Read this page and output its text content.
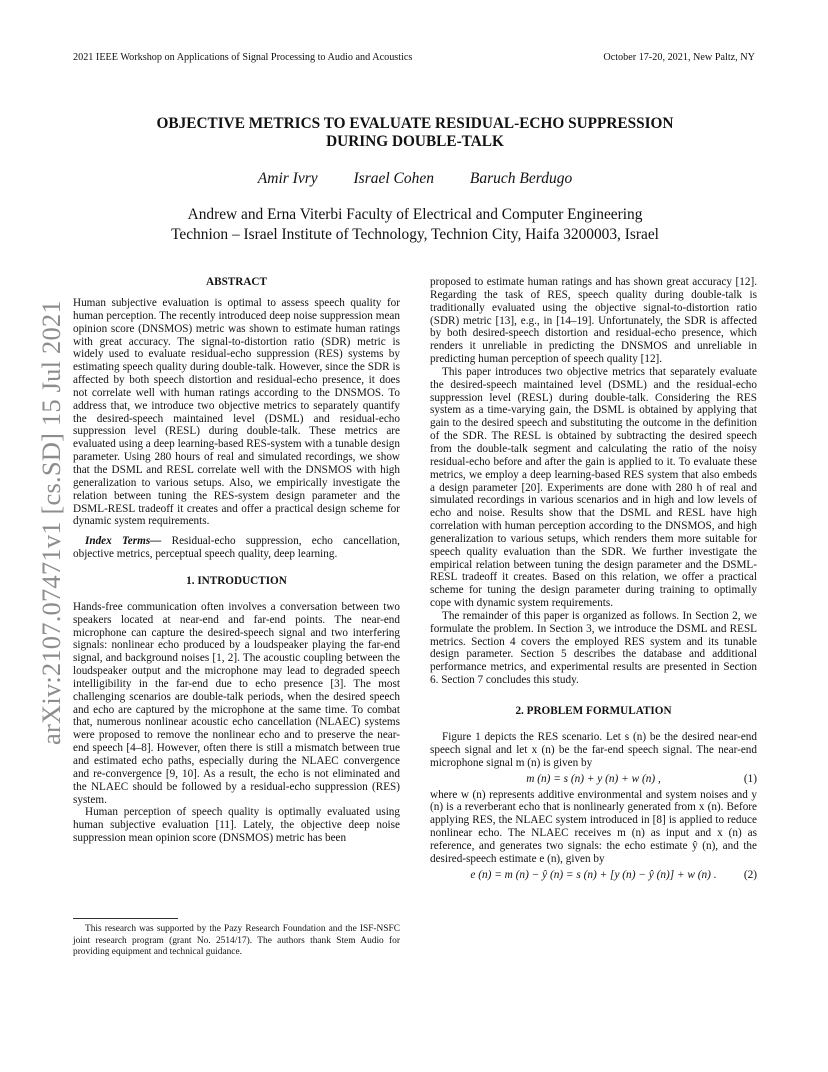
2021 IEEE Workshop on Applications of Signal Processing to Audio and Acoustics	October 17-20, 2021, New Paltz, NY
arXiv:2107.07471v1 [cs.SD] 15 Jul 2021
OBJECTIVE METRICS TO EVALUATE RESIDUAL-ECHO SUPPRESSION
DURING DOUBLE-TALK
Amir Ivry Israel Cohen Baruch Berdugo
Andrew and Erna Viterbi Faculty of Electrical and Computer Engineering
Technion – Israel Institute of Technology, Technion City, Haifa 3200003, Israel
ABSTRACT

Human subjective evaluation is optimal to assess speech quality for human perception. The recently introduced deep noise suppression mean opinion score (DNSMOS) metric was shown to estimate human ratings with great accuracy. The signal-to-distortion ratio (SDR) metric is widely used to evaluate residual-echo suppression (RES) systems by estimating speech quality during double-talk. However, since the SDR is affected by both speech distortion and residual-echo presence, it does not correlate well with human ratings according to the DNSMOS. To address that, we introduce two objective metrics to separately quantify the desired-speech maintained level (DSML) and residual-echo suppression level (RESL) during double-talk. These metrics are evaluated using a deep learning-based RES-system with a tunable design parameter. Using 280 hours of real and simulated recordings, we show that the DSML and RESL correlate well with the DNSMOS with high generalization to various setups. Also, we empirically investigate the relation between tuning the RES-system design parameter and the DSML-RESL tradeoff it creates and offer a practical design scheme for dynamic system requirements.

Index Terms— Residual-echo suppression, echo cancellation, objective metrics, perceptual speech quality, deep learning.

1. INTRODUCTION

Hands-free communication often involves a conversation between two speakers located at near-end and far-end points. The near-end microphone can capture the desired-speech signal and two interfering signals: nonlinear echo produced by a loudspeaker playing the far-end signal, and background noises [1, 2]. The acoustic coupling between the loudspeaker output and the microphone may lead to degraded speech intelligibility in the far-end due to echo presence [3]. The most challenging scenarios are double-talk periods, when the desired speech and echo are captured by the microphone at the same time. To combat that, numerous nonlinear acoustic echo cancellation (NLAEC) systems were proposed to remove the nonlinear echo and to preserve the near-end speech [4–8]. However, often there is still a mismatch between true and estimated echo paths, especially during the NLAEC convergence and re-convergence [9, 10]. As a result, the echo is not eliminated and the NLAEC should be followed by a residual-echo suppression (RES) system.

Human perception of speech quality is optimally evaluated using human subjective evaluation [11]. Lately, the objective deep noise suppression mean opinion score (DNSMOS) metric has been

This research was supported by the Pazy Research Foundation and the ISF-NSFC joint research program (grant No. 2514/17). The authors thank Stem Audio for providing equipment and technical guidance.

proposed to estimate human ratings and has shown great accuracy [12]. Regarding the task of RES, speech quality during double-talk is traditionally evaluated using the objective signal-to-distortion ratio (SDR) metric [13], e.g., in [14–19]. Unfortunately, the SDR is affected by both desired-speech distortion and residual-echo presence, which renders it unreliable in predicting the DNSMOS and unreliable in predicting human perception of speech quality [12].

This paper introduces two objective metrics that separately evaluate the desired-speech maintained level (DSML) and the residual-echo suppression level (RESL) during double-talk. Considering the RES system as a time-varying gain, the DSML is obtained by applying that gain to the desired speech and substituting the outcome in the definition of the SDR. The RESL is obtained by subtracting the desired speech from the double-talk segment and calculating the ratio of the noisy residual-echo before and after the gain is applied to it. To evaluate these metrics, we employ a deep learning-based RES system that also embeds a design parameter [20]. Experiments are done with 280 h of real and simulated recordings in various scenarios and in high and low levels of echo and noise. Results show that the DSML and RESL have high correlation with human perception according to the DNSMOS, and high generalization to various setups, which renders them more suitable for speech quality evaluation than the SDR. We further investigate the empirical relation between tuning the design parameter and the DSML-RESL tradeoff it creates. Based on this relation, we offer a practical scheme for tuning the design parameter during training to optimally cope with dynamic system requirements.

The remainder of this paper is organized as follows. In Section 2, we formulate the problem. In Section 3, we introduce the DSML and RESL metrics. Section 4 covers the employed RES system and its tunable design parameter. Section 5 describes the database and additional performance metrics, and experimental results are presented in Section 6. Section 7 concludes this study.

2. PROBLEM FORMULATION

Figure 1 depicts the RES scenario. Let s (n) be the desired near-end speech signal and let x (n) be the far-end speech signal. The near-end microphone signal m (n) is given by

m (n) = s (n) + y (n) + w (n) ,	(1)

where w (n) represents additive environmental and system noises and y (n) is a reverberant echo that is nonlinearly generated from x (n). Before applying RES, the NLAEC system introduced in [8] is applied to reduce nonlinear echo. The NLAEC receives m (n) as input and x (n) as reference, and generates two signals: the echo estimate ŷ (n), and the desired-speech estimate e (n), given by

e (n) = m (n) − ŷ (n) = s (n) + [y (n) − ŷ (n)] + w (n) . (2)
